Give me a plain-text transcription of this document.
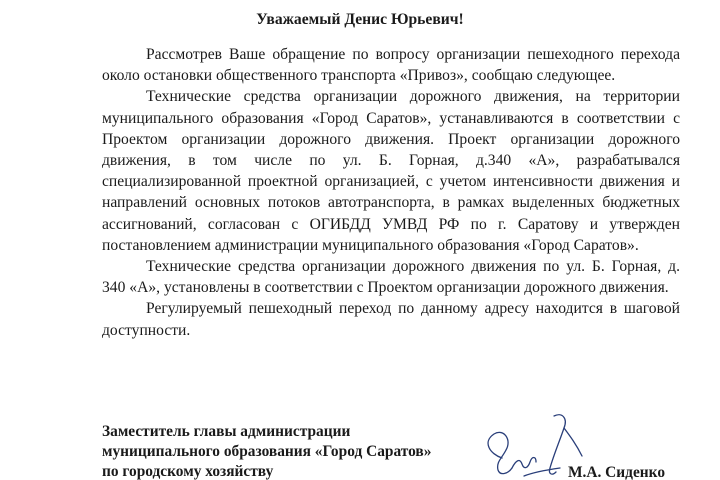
Уважаемый Денис Юрьевич!

Рассмотрев Ваше обращение по вопросу организации пешеходного перехода около остановки общественного транспорта «Привоз», сообщаю следующее.

Технические средства организации дорожного движения, на территории муниципального образования «Город Саратов», устанавливаются в соответствии с Проектом организации дорожного движения. Проект организации дорожного движения, в том числе по ул. Б. Горная, д.340 «А», разрабатывался специализированной проектной организацией, с учетом интенсивности движения и направлений основных потоков автотранспорта, в рамках выделенных бюджетных ассигнований, согласован с ОГИБДД УМВД РФ по г. Саратову и утвержден постановлением администрации муниципального образования «Город Саратов».

Технические средства организации дорожного движения по ул. Б. Горная, д. 340 «А», установлены в соответствии с Проектом организации дорожного движения.

Регулируемый пешеходный переход по данному адресу находится в шаговой доступности.

Заместитель главы администрации
муниципального образования «Город Саратов»
по городскому хозяйству	М.А. Сиденко
